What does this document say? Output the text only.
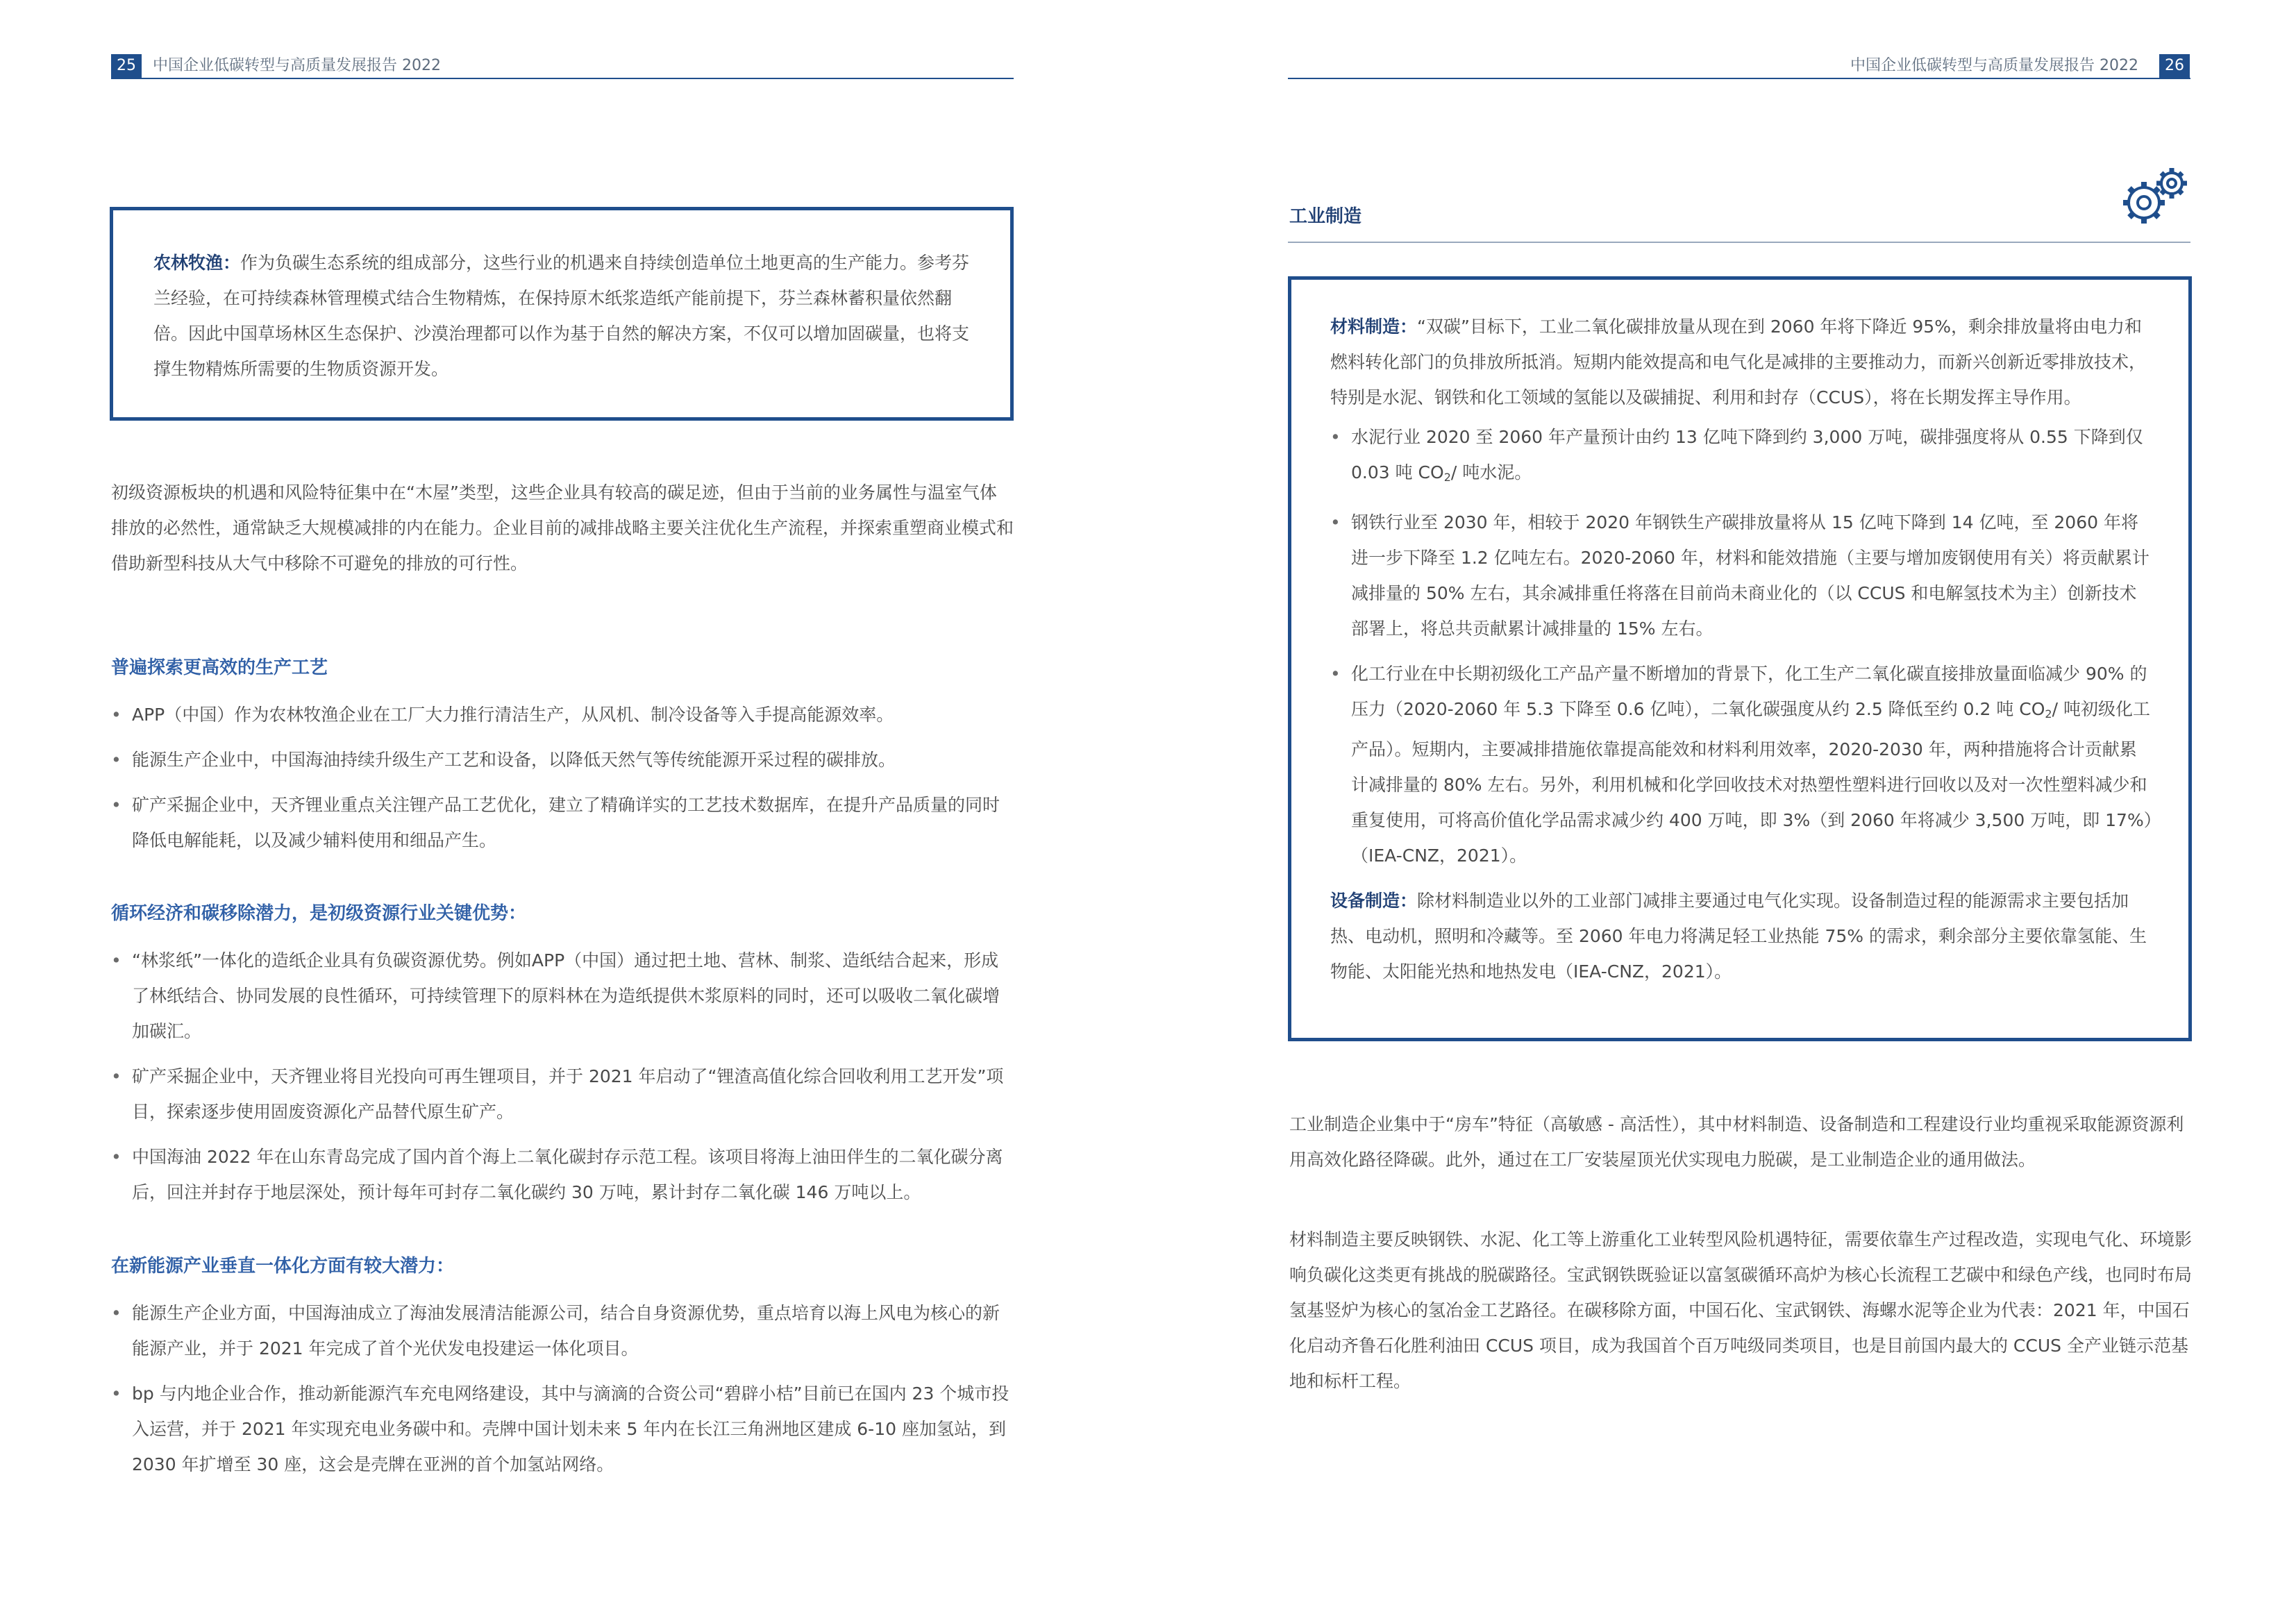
25	中国企业低碳转型与高质量发展报告 2022	中国企业低碳转型与高质量发展报告 2022	26

农林牧渔：作为负碳生态系统的组成部分，这些行业的机遇来自持续创造单位土地更高的生产能力。参考芬兰经验，在可持续森林管理模式结合生物精炼，在保持原木纸浆造纸产能前提下，芬兰森林蓄积量依然翻倍。因此中国草场林区生态保护、沙漠治理都可以作为基于自然的解决方案，不仅可以增加固碳量，也将支撑生物精炼所需要的生物质资源开发。

初级资源板块的机遇和风险特征集中在“木屋”类型，这些企业具有较高的碳足迹，但由于当前的业务属性与温室气体排放的必然性，通常缺乏大规模减排的内在能力。企业目前的减排战略主要关注优化生产流程，并探索重塑商业模式和借助新型科技从大气中移除不可避免的排放的可行性。
普遍探索更高效的生产工艺
• APP（中国）作为农林牧渔企业在工厂大力推行清洁生产，从风机、制冷设备等入手提高能源效率。
• 能源生产企业中，中国海油持续升级生产工艺和设备，以降低天然气等传统能源开采过程的碳排放。
• 矿产采掘企业中，天齐锂业重点关注锂产品工艺优化，建立了精确详实的工艺技术数据库，在提升产品质量的同时降低电解能耗，以及减少辅料使用和细品产生。
循环经济和碳移除潜力，是初级资源行业关键优势：
• “林浆纸”一体化的造纸企业具有负碳资源优势。例如APP（中国）通过把土地、营林、制浆、造纸结合起来，形成了林纸结合、协同发展的良性循环，可持续管理下的原料林在为造纸提供木浆原料的同时，还可以吸收二氧化碳增加碳汇。
• 矿产采掘企业中，天齐锂业将目光投向可再生锂项目，并于 2021 年启动了“锂渣高值化综合回收利用工艺开发”项目，探索逐步使用固废资源化产品替代原生矿产。
• 中国海油 2022 年在山东青岛完成了国内首个海上二氧化碳封存示范工程。该项目将海上油田伴生的二氧化碳分离后，回注并封存于地层深处，预计每年可封存二氧化碳约 30 万吨，累计封存二氧化碳 146 万吨以上。
在新能源产业垂直一体化方面有较大潜力：
• 能源生产企业方面，中国海油成立了海油发展清洁能源公司，结合自身资源优势，重点培育以海上风电为核心的新能源产业，并于 2021 年完成了首个光伏发电投建运一体化项目。
• bp 与内地企业合作，推动新能源汽车充电网络建设，其中与滴滴的合资公司“碧辟小桔”目前已在国内 23 个城市投入运营，并于 2021 年实现充电业务碳中和。壳牌中国计划未来 5 年内在长江三角洲地区建成 6-10 座加氢站，到 2030 年扩增至 30 座，这会是壳牌在亚洲的首个加氢站网络。
工业制造
材料制造：“双碳”目标下，工业二氧化碳排放量从现在到 2060 年将下降近 95%，剩余排放量将由电力和燃料转化部门的负排放所抵消。短期内能效提高和电气化是减排的主要推动力，而新兴创新近零排放技术，特别是水泥、钢铁和化工领域的氢能以及碳捕捉、利用和封存（CCUS），将在长期发挥主导作用。
• 水泥行业 2020 至 2060 年产量预计由约 13 亿吨下降到约 3,000 万吨，碳排强度将从 0.55 下降到仅 0.03 吨 $CO_2/$ 吨水泥。
• 钢铁行业至 2030 年，相较于 2020 年钢铁生产碳排放量将从 15 亿吨下降到 14 亿吨，至 2060 年将进一步下降至 1.2 亿吨左右。2020-2060 年，材料和能效措施（主要与增加废钢使用有关）将贡献累计减排量的 50% 左右，其余减排重任将落在目前尚未商业化的（以 CCUS 和电解氢技术为主）创新技术部署上，将总共贡献累计减排量的 15% 左右。
• 化工行业在中长期初级化工产品产量不断增加的背景下，化工生产二氧化碳直接排放量面临减少 90% 的压力（2020-2060 年 5.3 下降至 0.6 亿吨），二氧化碳强度从约 2.5 降低至约 0.2 吨 $CO_2/$ 吨初级化工产品）。短期内，主要减排措施依靠提高能效和材料利用效率，2020-2030 年，两种措施将合计贡献累计减排量的 80% 左右。另外，利用机械和化学回收技术对热塑性塑料进行回收以及对一次性塑料减少和重复使用，可将高价值化学品需求减少约 400 万吨，即 3%（到 2060 年将减少 3,500 万吨，即 17%）（IEA-CNZ，2021）。
设备制造：除材料制造业以外的工业部门减排主要通过电气化实现。设备制造过程的能源需求主要包括加热、电动机，照明和冷藏等。至 2060 年电力将满足轻工业热能 75% 的需求，剩余部分主要依靠氢能、生物能、太阳能光热和地热发电（IEA-CNZ，2021）。
工业制造企业集中于“房车”特征（高敏感 - 高活性），其中材料制造、设备制造和工程建设行业均重视采取能源资源利用高效化路径降碳。此外，通过在工厂安装屋顶光伏实现电力脱碳，是工业制造企业的通用做法。
材料制造主要反映钢铁、水泥、化工等上游重化工业转型风险机遇特征，需要依靠生产过程改造，实现电气化、环境影响负碳化这类更有挑战的脱碳路径。宝武钢铁既验证以富氢碳循环高炉为核心长流程工艺碳中和绿色产线，也同时布局氢基竖炉为核心的氢冶金工艺路径。在碳移除方面，中国石化、宝武钢铁、海螺水泥等企业为代表：2021 年，中国石化启动齐鲁石化胜利油田 CCUS 项目，成为我国首个百万吨级同类项目，也是目前国内最大的 CCUS 全产业链示范基地和标杆工程。
